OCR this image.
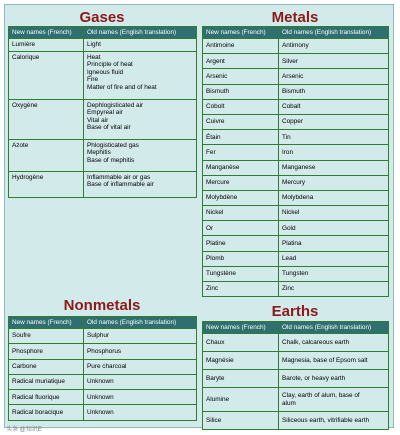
Gases
New names (French)	Old names (English translation)
Lumière	Light

Calorique	Heat
Principle of heat
Igneous fluid
Fire
Matter of fire and of heat

Oxygène	Dephlogisticated air
Empyreal air
Vital air
Base of vital air

Azote	Phlogisticated gas
Mephitis
Base of mephitis

Hydrogène	Inflammable air or gas
Base of inflammable air
Metals
New names (French)	Old names (English translation)
Antimoine	Antimony
Argent	Silver
Arsenic	Arsenic
Bismuth	Bismuth
Cobolt	Cobalt
Cuivre	Copper
Étain	Tin
Fer	Iron
Manganèse	Manganese
Mercure	Mercury
Molybdène	Molybdena
Nickel	Nickel
Or	Gold
Platine	Platina
Plomb	Lead
Tungstène	Tungsten
Zinc	Zinc
Nonmetals
New names (French)	Old names (English translation)
Soufre	Sulphur
Phosphore	Phosphorus
Carbone	Pure charcoal
Radical muriatique	Unknown
Radical fluorique	Unknown
Radical boracique	Unknown
Earths
New names (French)	Old names (English translation)
Chaux	Chalk, calcareous earth

Magnésie	Magnesia, base of Epsom salt

Baryte	Barote, or heavy earth

Alumine	Clay, earth of alum, base of
alum

Silice	Siliceous earth, vitrifiable earth
头条 @知识E
